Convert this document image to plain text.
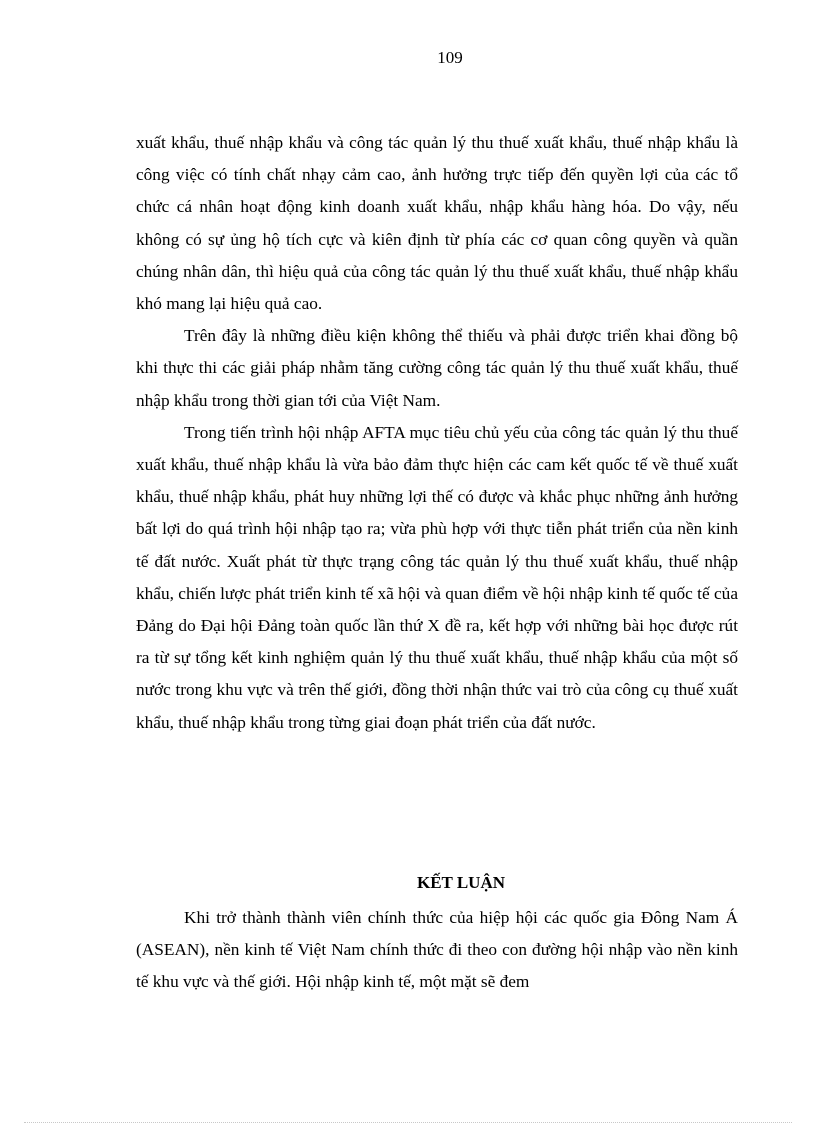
109

xuất khẩu, thuế nhập khẩu và công tác quản lý thu thuế xuất khẩu, thuế nhập khẩu là công việc có tính chất nhạy cảm cao, ảnh hưởng trực tiếp đến quyền lợi của các tổ chức cá nhân hoạt động kinh doanh xuất khẩu, nhập khẩu hàng hóa. Do vậy, nếu không có sự ủng hộ tích cực và kiên định từ phía các cơ quan công quyền và quần chúng nhân dân, thì hiệu quả của công tác quản lý thu thuế xuất khẩu, thuế nhập khẩu khó mang lại hiệu quả cao.

Trên đây là những điều kiện không thể thiếu và phải được triển khai đồng bộ khi thực thi các giải pháp nhằm tăng cường công tác quản lý thu thuế xuất khẩu, thuế nhập khẩu trong thời gian tới của Việt Nam.

Trong tiến trình hội nhập AFTA mục tiêu chủ yếu của công tác quản lý thu thuế xuất khẩu, thuế nhập khẩu là vừa bảo đảm thực hiện các cam kết quốc tế về thuế xuất khẩu, thuế nhập khẩu, phát huy những lợi thế có được và khắc phục những ảnh hưởng bất lợi do quá trình hội nhập tạo ra; vừa phù hợp với thực tiễn phát triển của nền kinh tế đất nước. Xuất phát từ thực trạng công tác quản lý thu thuế xuất khẩu, thuế nhập khẩu, chiến lược phát triển kinh tế xã hội và quan điểm về hội nhập kinh tế quốc tế của Đảng do Đại hội Đảng toàn quốc lần thứ X đề ra, kết hợp với những bài học được rút ra từ sự tổng kết kinh nghiệm quản lý thu thuế xuất khẩu, thuế nhập khẩu của một số nước trong khu vực và trên thế giới, đồng thời nhận thức vai trò của công cụ thuế xuất khẩu, thuế nhập khẩu trong từng giai đoạn phát triển của đất nước.

KẾT LUẬN

Khi trở thành thành viên chính thức của hiệp hội các quốc gia Đông Nam Á (ASEAN), nền kinh tế Việt Nam chính thức đi theo con đường hội nhập vào nền kinh tế khu vực và thế giới. Hội nhập kinh tế, một mặt sẽ đem
